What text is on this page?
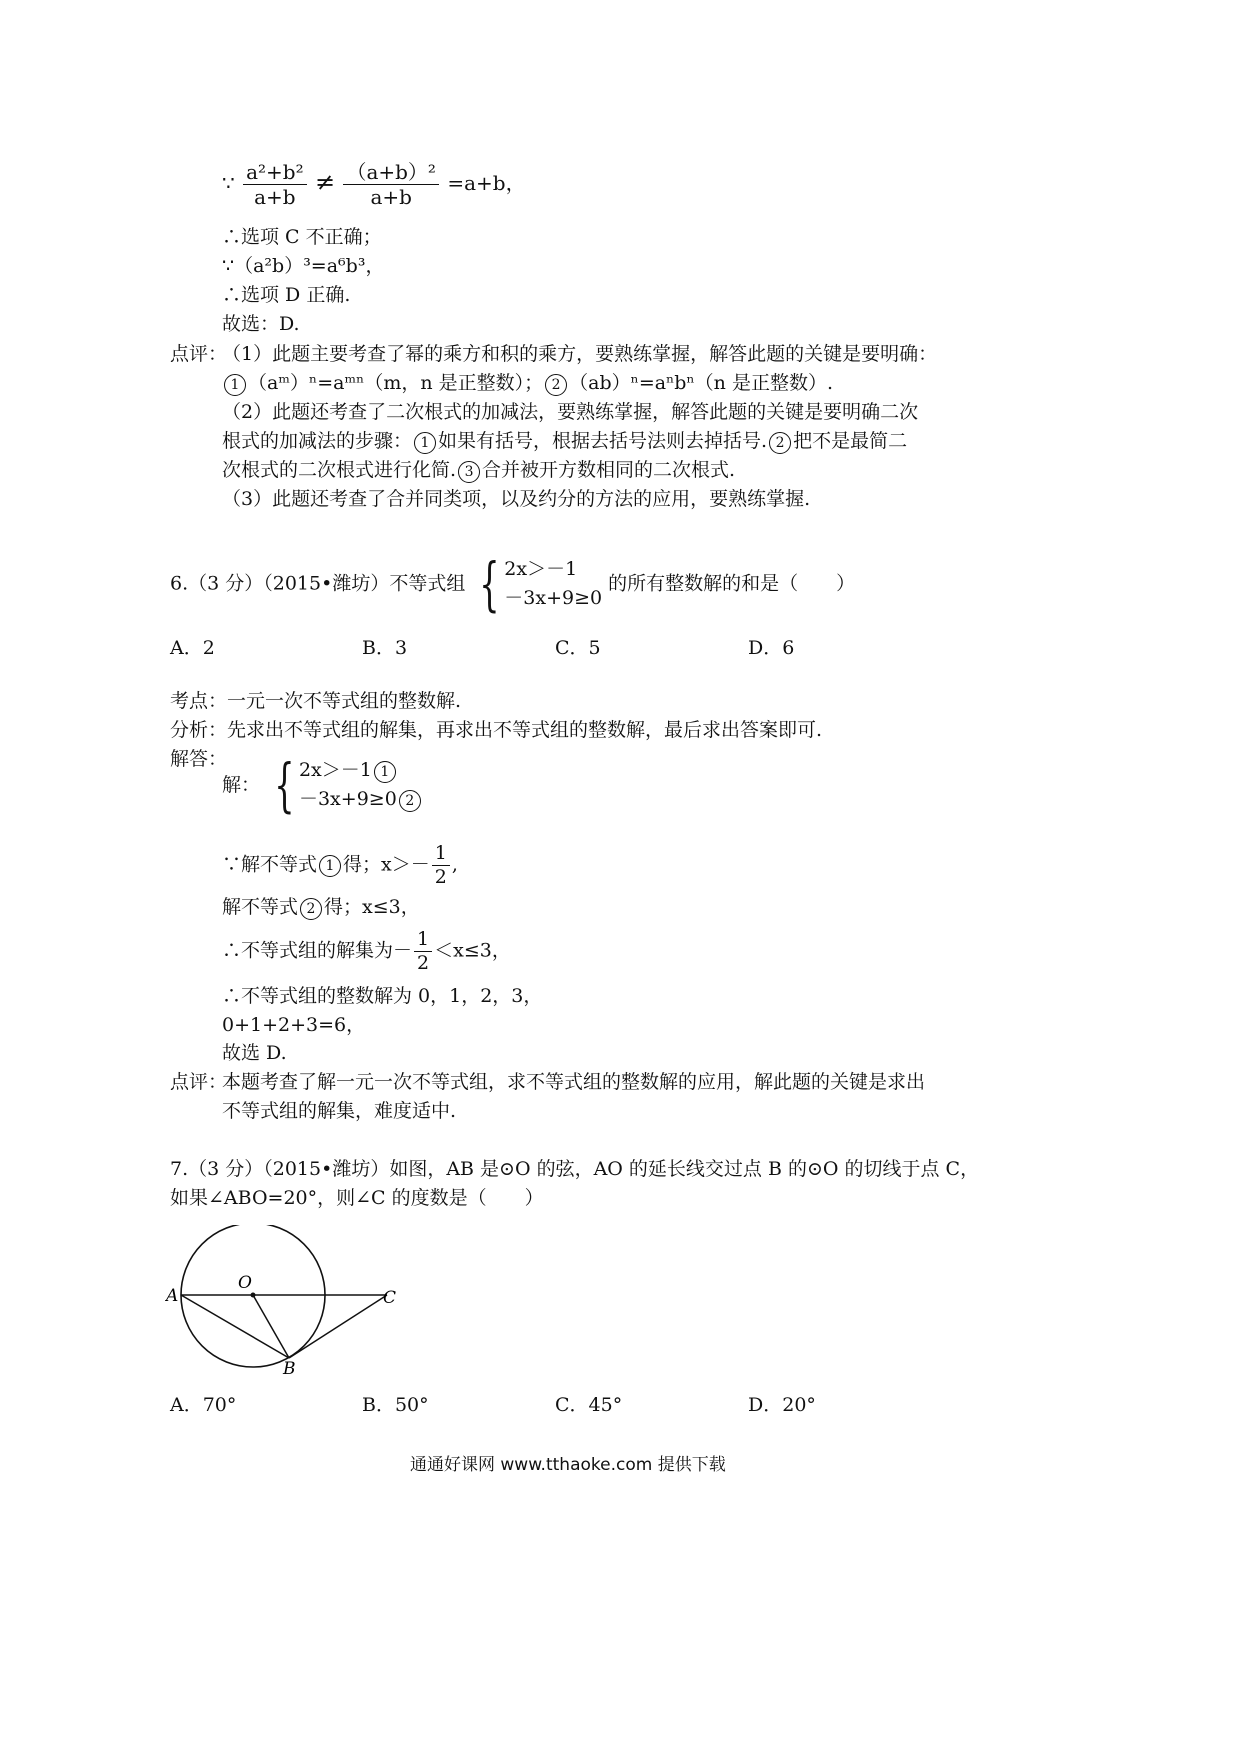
∵ $\frac{\text{a²+b²}}{a+b} \ne \frac{\text{（a+b）²}}{a+b} =a+b$，
∴选项 C 不正确；
∵（a²b）³=a⁶b³，
∴选项 D 正确.
故选：D.
点评：
（1）此题主要考查了幂的乘方和积的乘方，要熟练掌握，解答此题的关键是要明确：
1 （aᵐ）ⁿ=aᵐⁿ（m，n 是正整数）； 2 （ab）ⁿ=aⁿbⁿ（n 是正整数）.
（2）此题还考查了二次根式的加减法，要熟练掌握，解答此题的关键是要明确二次
根式的加减法的步骤： 1 如果有括号，根据去括号法则去掉括号. 2 把不是最简二
次根式的二次根式进行化简. 3 合并被开方数相同的二次根式.
（3）此题还考查了合并同类项，以及约分的方法的应用，要熟练掌握.
6.（3 分）（2015•潍坊）不等式组 { 2x＞－1
－3x+9≥0
的所有整数解的和是（　　）
A．2	B．3	C．5	D．6
考点：一元一次不等式组的整数解.
分析：先求出不等式组的解集，再求出不等式组的整数解，最后求出答案即可.
解答：
解： { 2x＞－1 1
－3x+9≥0 2
∵解不等式 1 得；$x>- \frac{1}{2}$ ,
解不等式 2 得；x≤3，
∴不等式组的解集为－ $\frac{1}{2} <x\le 3$，
∴不等式组的整数解为 0，1，2，3，
0+1+2+3=6，
故选 D.
点评：
本题考查了解一元一次不等式组，求不等式组的整数解的应用，解此题的关键是求出
不等式组的解集，难度适中.
7.（3 分）（2015•潍坊）如图，AB 是⊙O 的弦，AO 的延长线交过点 B 的⊙O 的切线于点 C，
如果∠ABO=20°，则∠C 的度数是（　　）
A
O
C
B
A．70°	B．50°	C．45°	D．20°
通通好课网 www.tthaoke.com 提供下载
